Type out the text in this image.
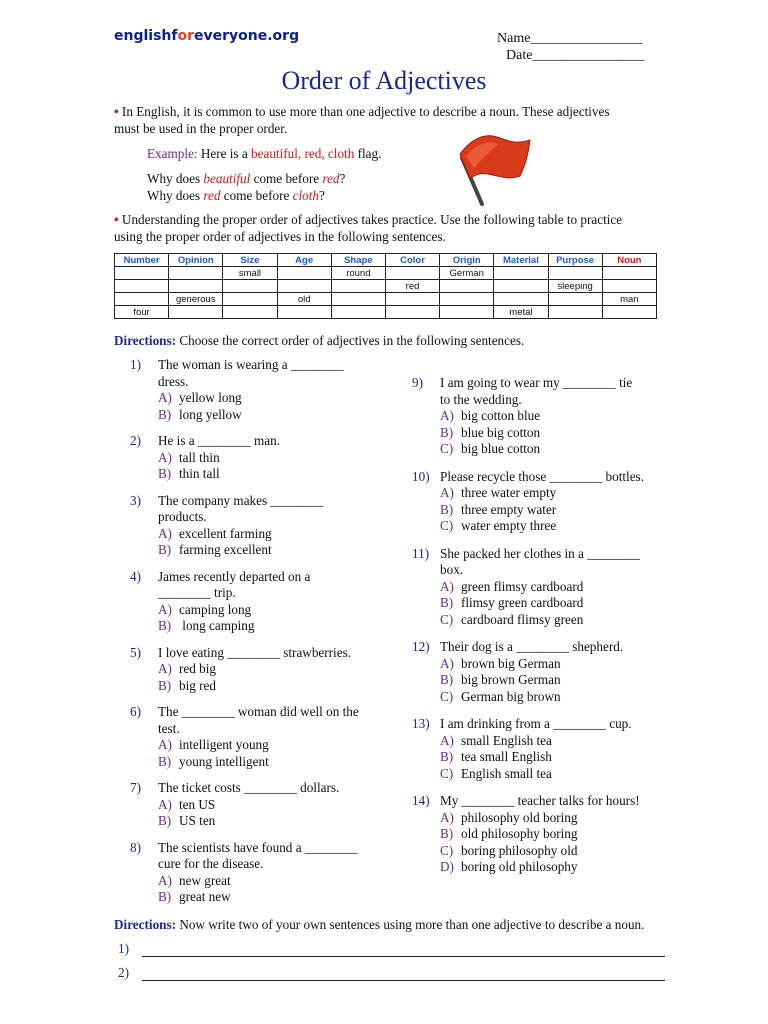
englishforeveryone.org	Name________________
Date________________
Order of Adjectives
• In English, it is common to use more than one adjective to describe a noun. These adjectives
must be used in the proper order.
Example: Here is a beautiful, red, cloth flag.
Why does beautiful come before red?
Why does red come before cloth?
• Understanding the proper order of adjectives takes practice. Use the following table to practice
using the proper order of adjectives in the following sentences.
Number	Opinion	Size	Age	Shape	Color	Origin	Material	Purpose	Noun
		small		round		German			
					red			sleeping	
	generous		old						man
four							metal		
Directions: Choose the correct order of adjectives in the following sentences.
1) The woman is wearing a ________
dress.
A) yellow long
B) long yellow
2) He is a ________ man.
A) tall thin
B) thin tall
3) The company makes ________
products.
A) excellent farming
B) farming excellent
4) James recently departed on a
________ trip.
A) camping long
B) long camping
5) I love eating ________ strawberries.
A) red big
B) big red
6) The ________ woman did well on the
test.
A) intelligent young
B) young intelligent
7) The ticket costs ________ dollars.
A) ten US
B) US ten
8) The scientists have found a ________
cure for the disease.
A) new great
B) great new
9) I am going to wear my ________ tie
to the wedding.
A) big cotton blue
B) blue big cotton
C) big blue cotton
10) Please recycle those ________ bottles.
A) three water empty
B) three empty water
C) water empty three
11) She packed her clothes in a ________
box.
A) green flimsy cardboard
B) flimsy green cardboard
C) cardboard flimsy green
12) Their dog is a ________ shepherd.
A) brown big German
B) big brown German
C) German big brown
13) I am drinking from a ________ cup.
A) small English tea
B) tea small English
C) English small tea
14) My ________ teacher talks for hours!
A) philosophy old boring
B) old philosophy boring
C) boring philosophy old
D) boring old philosophy
Directions: Now write two of your own sentences using more than one adjective to describe a noun.
1)
2)
